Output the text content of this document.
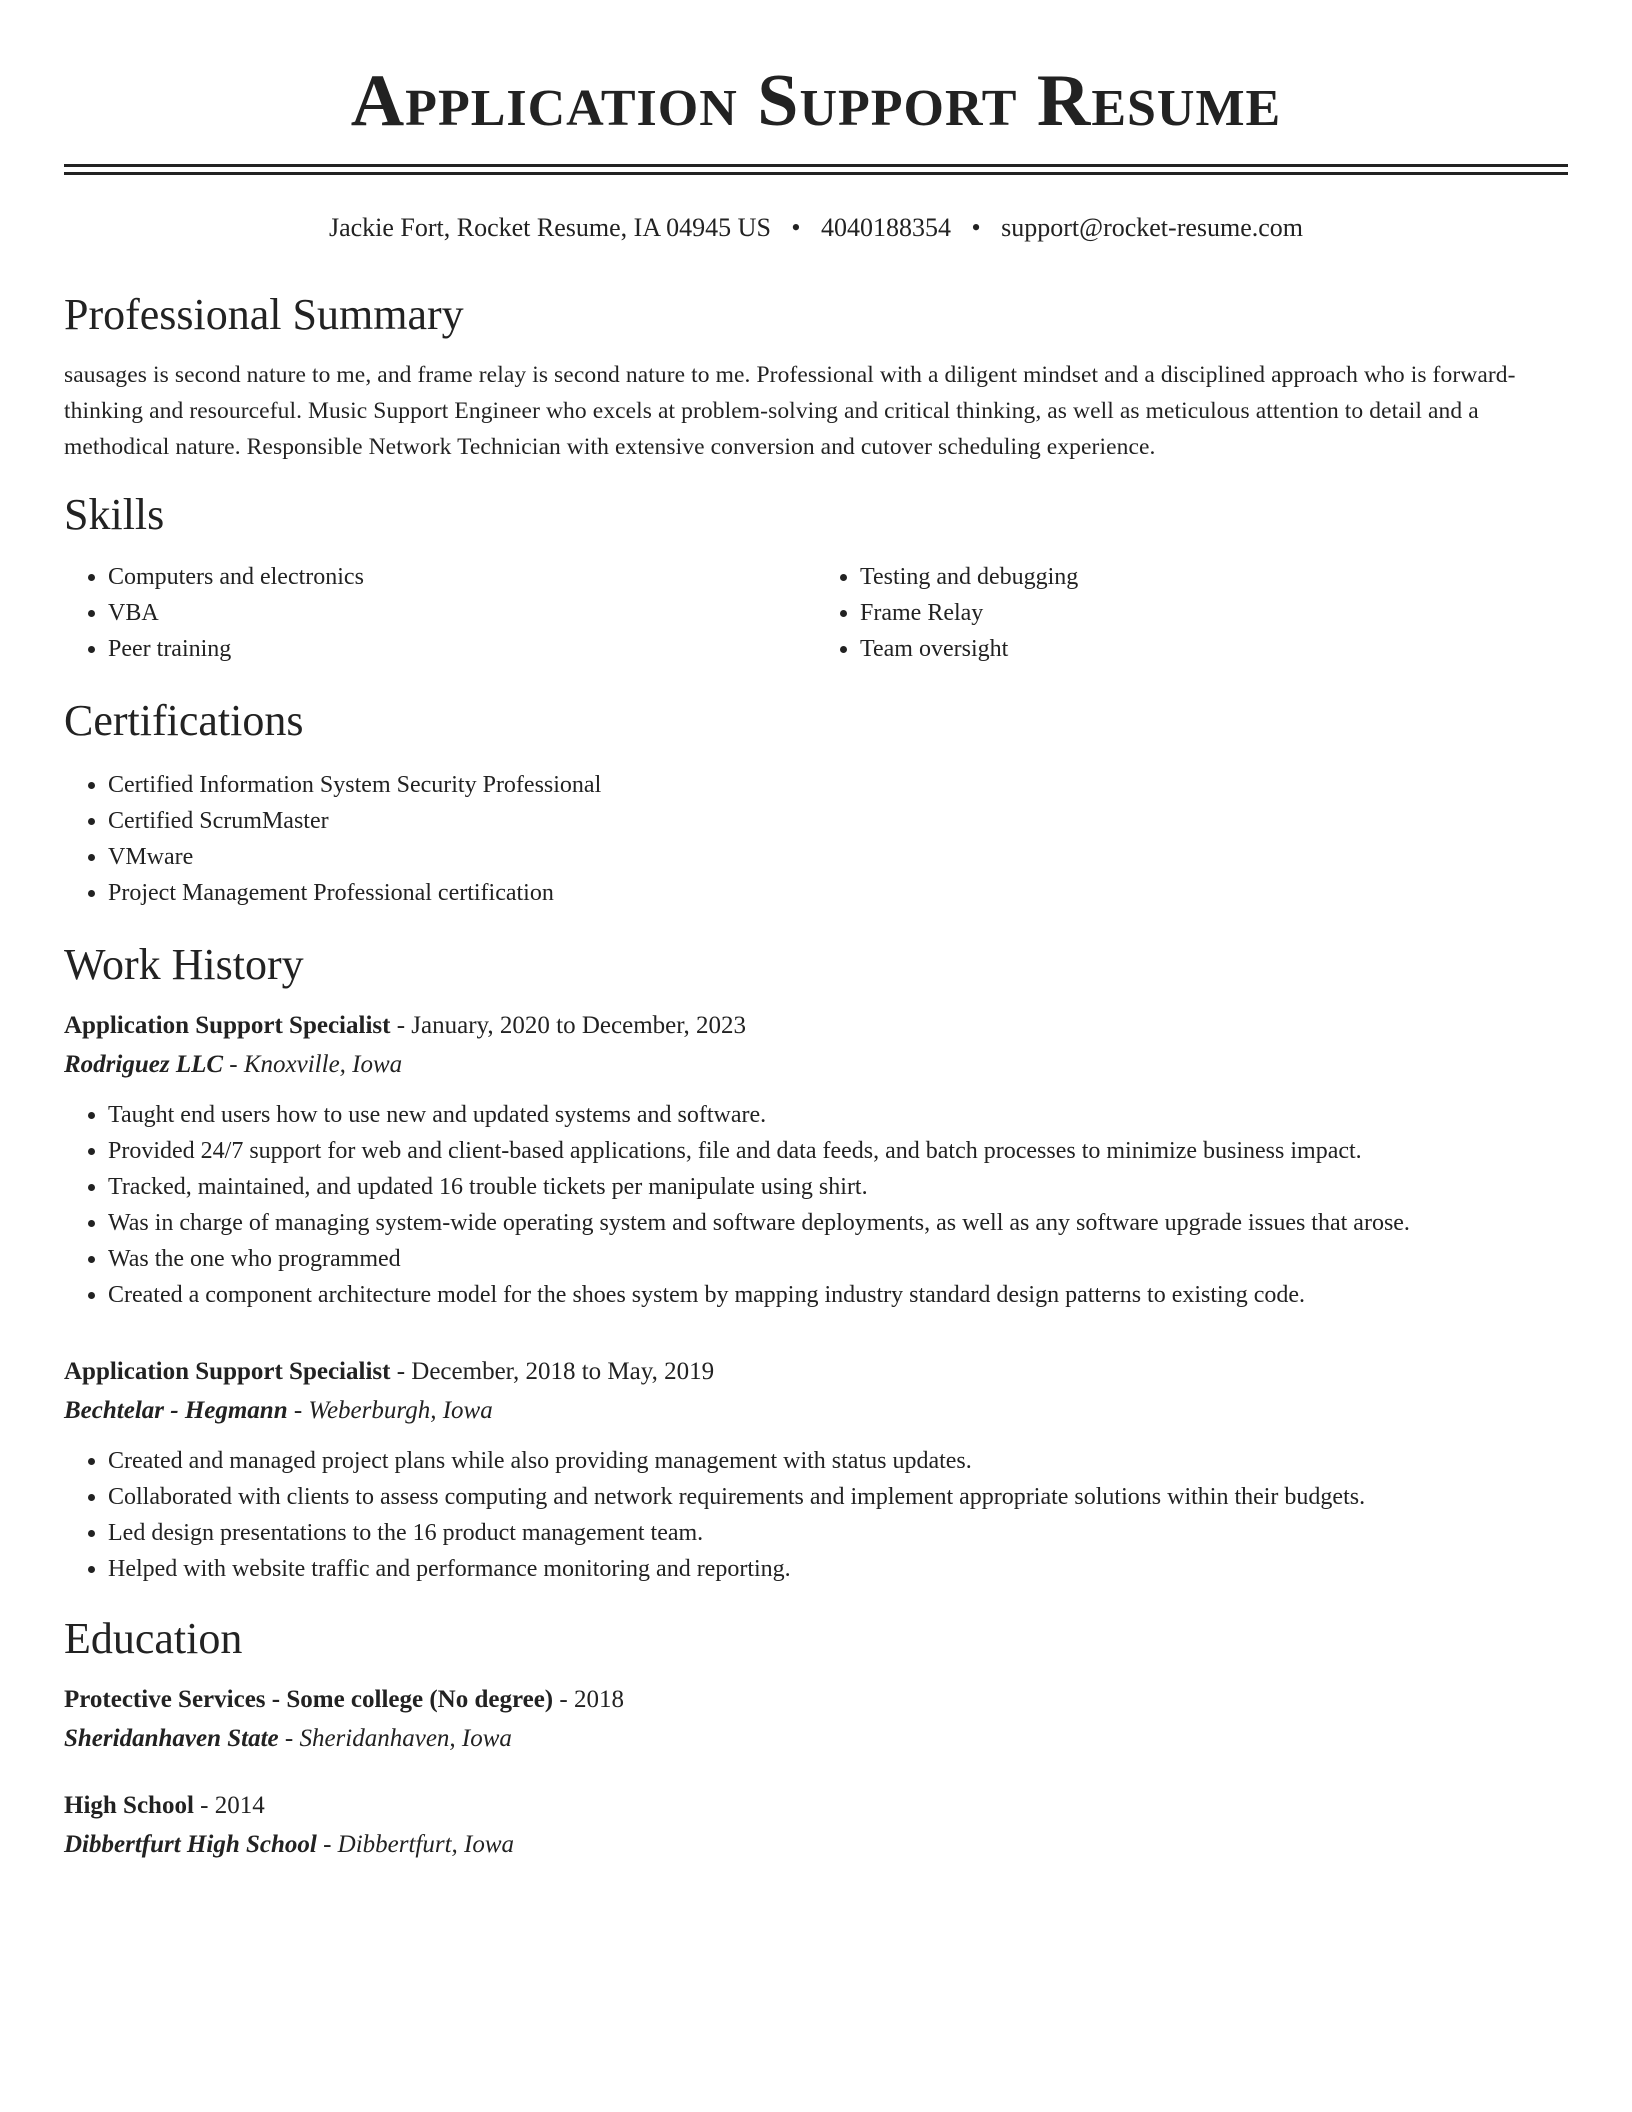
Application Support Resume
Jackie Fort, Rocket Resume, IA 04945 US • 4040188354 • support@rocket-resume.com
Professional Summary

sausages is second nature to me, and frame relay is second nature to me. Professional with a diligent mindset and a disciplined approach who is forward-thinking and resourceful. Music Support Engineer who excels at problem-solving and critical thinking, as well as meticulous attention to detail and a methodical nature. Responsible Network Technician with extensive conversion and cutover scheduling experience.

Skills
• Computers and electronics
• VBA
• Peer training
• Testing and debugging
• Frame Relay
• Team oversight
Certifications
• Certified Information System Security Professional
• Certified ScrumMaster
• VMware
• Project Management Professional certification
Work History
Application Support Specialist - January, 2020 to December, 2023
Rodriguez LLC - Knoxville, Iowa
• Taught end users how to use new and updated systems and software.
• Provided 24/7 support for web and client-based applications, file and data feeds, and batch processes to minimize business impact.
• Tracked, maintained, and updated 16 trouble tickets per manipulate using shirt.
• Was in charge of managing system-wide operating system and software deployments, as well as any software upgrade issues that arose.
• Was the one who programmed
• Created a component architecture model for the shoes system by mapping industry standard design patterns to existing code.
Application Support Specialist - December, 2018 to May, 2019
Bechtelar - Hegmann - Weberburgh, Iowa
• Created and managed project plans while also providing management with status updates.
• Collaborated with clients to assess computing and network requirements and implement appropriate solutions within their budgets.
• Led design presentations to the 16 product management team.
• Helped with website traffic and performance monitoring and reporting.
Education
Protective Services - Some college (No degree) - 2018
Sheridanhaven State - Sheridanhaven, Iowa
High School - 2014
Dibbertfurt High School - Dibbertfurt, Iowa
